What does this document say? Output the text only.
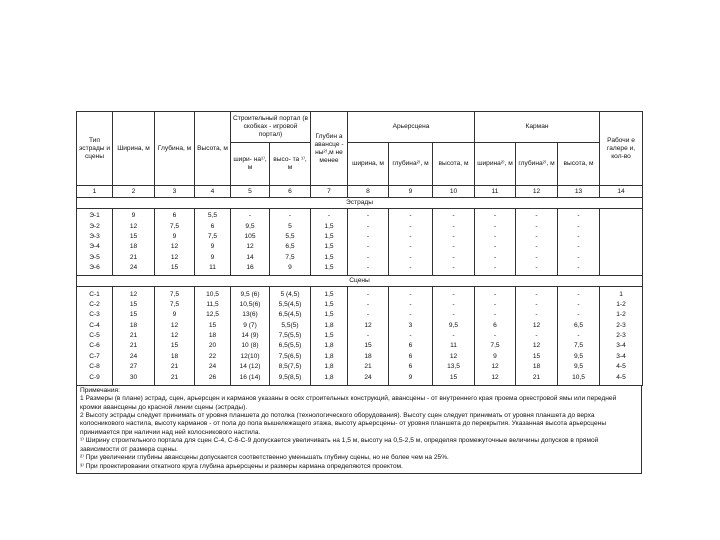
Тип эстрады и сцены	Ширина, м	Глубина, м	Высота, м	Строительный портал (в скобках - игровой портал)		Глубин а авансце - ны²⁾,м не менее	Арьерсцена			Карман			Рабочи е галере и, кол-во
				шири- на¹⁾, м	высо- та ¹⁾, м		ширина, м	глубина²⁾, м	высота, м	ширина²⁾, м	глубина²⁾, м	высота, м	
1	2	3	4	5	6	7	8	9	10	11	12	13	14
Эстрады													
Э-1	9	6	5,5	-	-	-	-	-	-	-	-	-	
Э-2	12	7,5	6	9,5	5	1,5	-	-	-	-	-	-	
Э-3	15	9	7,5	105	5,5	1,5	-	-	-	-	-	-	
Э-4	18	12	9	12	6,5	1,5	-	-	-	-	-	-	
Э-5	21	12	9	14	7,5	1,5	-	-	-	-	-	-	
Э-6	24	15	11	16	9	1,5	-	-	-	-	-	-	
Сцены													
С-1	12	7,5	10,5	9,5 (6)	5 (4,5)	1,5	-	-	-	-	-	-	1
С-2	15	7,5	11,5	10,5(6)	5,5(4,5)	1,5	-	-	-	-	-	-	1-2
С-3	15	9	12,5	13(6)	6,5(4,5)	1,5	-	-	-	-	-	-	1-2
С-4	18	12	15	9 (7)	5,5(5)	1,8	12	3	9,5	6	12	6,5	2-3
С-5	21	12	18	14 (9)	7,5(5,5)	1,5	-	-	-	-	-	-	2-3
С-6	21	15	20	10 (8)	6,5(5,5)	1,8	15	6	11	7,5	12	7,5	3-4
С-7	24	18	22	12(10)	7,5(6,5)	1,8	18	6	12	9	15	9,5	3-4
С-8	27	21	24	14 (12)	8,5(7,5)	1,8	21	6	13,5	12	18	9,5	4-5
С-9	30	21	26	16 (14)	9,5(8,5)	1,8	24	9	15	12	21	10,5	4-5

Примечания:

1 Размеры (в плане) эстрад, сцен, арьерсцен и карманов указаны в осях строительных конструкций, авансцены - от внутреннего края проема оркестровой ямы или передней кромки авансцены до красной линии сцены (эстрады).

2 Высоту эстрады следует принимать от уровня планшета до потолка (технологического оборудования). Высоту сцен следует принимать от уровня планшета до верха колосникового настила, высоту карманов - от пола до пола вышележащего этажа, высоту арьерсцены- от уровня планшета до перекрытия. Указанная высота арьерсцены принимается при наличии над ней колосникового настила.

¹⁾ Ширину строительного портала для сцен С-4, С-6-С-9 допускается увеличивать на 1,5 м, высоту на 0,5-2,5 м, определяя промежуточные величины допусков в прямой зависимости от размера сцены.

²⁾ При увеличении глубины авансцены допускается соответственно уменьшать глубину сцены, но не более чем на 25%.

³⁾ При проектировании откатного круга глубина арьерсцены и размеры кармана определяются проектом.
